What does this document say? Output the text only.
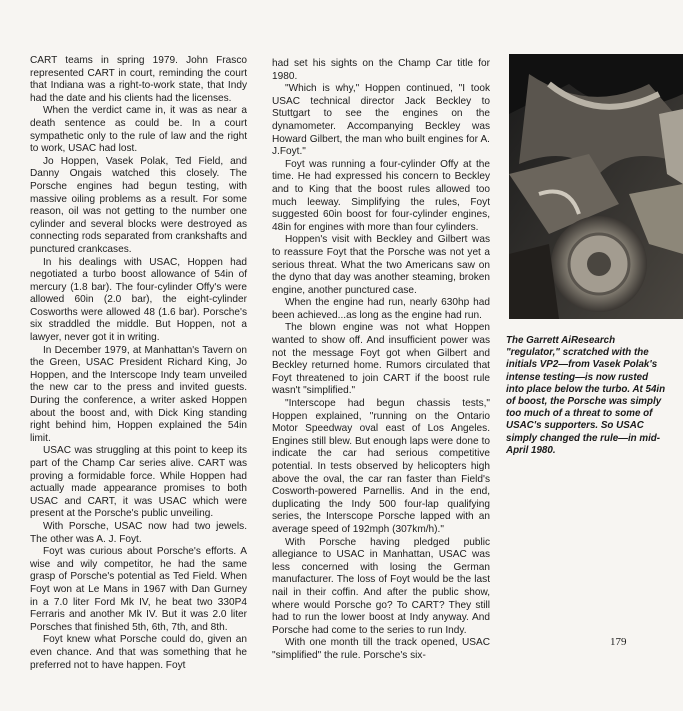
CART teams in spring 1979. John Frasco represented CART in court, reminding the court that Indiana was a right-to-work state, that Indy had the date and his clients had the licenses.

When the verdict came in, it was as near a death sentence as could be. In a court sympathetic only to the rule of law and the right to work, USAC had lost.

Jo Hoppen, Vasek Polak, Ted Field, and Danny Ongais watched this closely. The Porsche engines had begun testing, with massive oiling problems as a result. For some reason, oil was not getting to the number one cylinder and several blocks were destroyed as connecting rods separated from crankshafts and punctured crankcases.

In his dealings with USAC, Hoppen had negotiated a turbo boost allowance of 54in of mercury (1.8 bar). The four-cylinder Offy's were allowed 60in (2.0 bar), the eight-cylinder Cosworths were allowed 48 (1.6 bar). Porsche's six straddled the middle. But Hoppen, not a lawyer, never got it in writing.

In December 1979, at Manhattan's Tavern on the Green, USAC President Richard King, Jo Hoppen, and the Interscope Indy team unveiled the new car to the press and invited guests. During the conference, a writer asked Hoppen about the boost and, with Dick King standing right behind him, Hoppen explained the 54in limit.

USAC was struggling at this point to keep its part of the Champ Car series alive. CART was proving a formidable force. While Hoppen had actually made appearance promises to both USAC and CART, it was USAC which were present at the Porsche's public unveiling.

With Porsche, USAC now had two jewels. The other was A. J. Foyt.

Foyt was curious about Porsche's efforts. A wise and wily competitor, he had the same grasp of Porsche's potential as Ted Field. When Foyt won at Le Mans in 1967 with Dan Gurney in a 7.0 liter Ford Mk IV, he beat two 330P4 Ferraris and another Mk IV. But it was 2.0 liter Porsches that finished 5th, 6th, 7th, and 8th.

Foyt knew what Porsche could do, given an even chance. And that was something that he preferred not to have happen. Foyt

had set his sights on the Champ Car title for 1980.

"Which is why," Hoppen continued, "I took USAC technical director Jack Beckley to Stuttgart to see the engines on the dynamometer. Accompanying Beckley was Howard Gilbert, the man who built engines for A. J.Foyt."

Foyt was running a four-cylinder Offy at the time. He had expressed his concern to Beckley and to King that the boost rules allowed too much leeway. Simplifying the rules, Foyt suggested 60in boost for four-cylinder engines, 48in for engines with more than four cylinders.

Hoppen's visit with Beckley and Gilbert was to reassure Foyt that the Porsche was not yet a serious threat. What the two Americans saw on the dyno that day was another steaming, broken engine, another punctured case.

When the engine had run, nearly 630hp had been achieved...as long as the engine had run.

The blown engine was not what Hoppen wanted to show off. And insufficient power was not the message Foyt got when Gilbert and Beckley returned home. Rumors circulated that Foyt threatened to join CART if the boost rule wasn't "simplified."

"Interscope had begun chassis tests," Hoppen explained, "running on the Ontario Motor Speedway oval east of Los Angeles. Engines still blew. But enough laps were done to indicate the car had serious competitive potential. In tests observed by helicopters high above the oval, the car ran faster than Field's Cosworth-powered Parnellis. And in the end, duplicating the Indy 500 four-lap qualifying series, the Interscope Porsche lapped with an average speed of 192mph (307km/h)."

With Porsche having pledged public allegiance to USAC in Manhattan, USAC was less concerned with losing the German manufacturer. The loss of Foyt would be the last nail in their coffin. And after the public show, where would Porsche go? To CART? They still had to run the lower boost at Indy anyway. And Porsche had come to the series to run Indy.

With one month till the track opened, USAC "simplified" the rule. Porsche's six-

The Garrett AiResearch "regulator," scratched with the initials VP2—from Vasek Polak's intense testing—is now rusted into place below the turbo. At 54in of boost, the Porsche was simply too much of a threat to some of USAC's supporters. So USAC simply changed the rule—in mid-April 1980.
179
